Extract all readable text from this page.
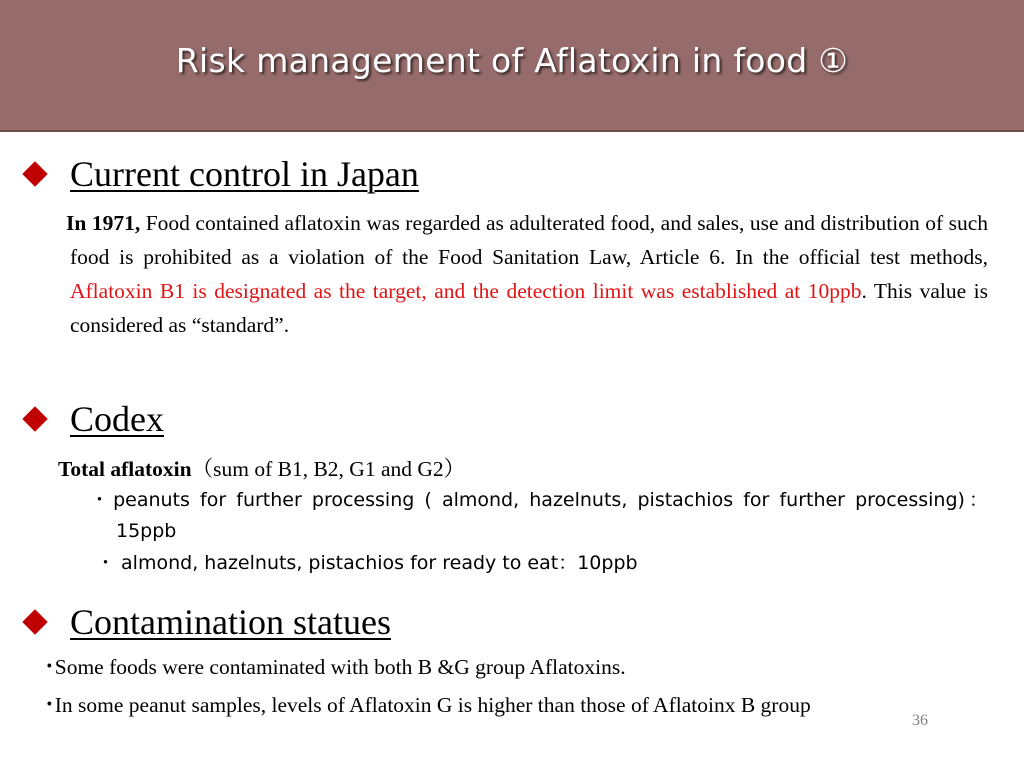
Risk management of Aflatoxin in food ①
Current control in Japan
In 1971, Food contained aflatoxin was regarded as adulterated food, and sales, use and distribution of such food is prohibited as a violation of the Food Sanitation Law, Article 6. In the official test methods, Aflatoxin B1 is designated as the target, and the detection limit was established at 10ppb. This value is considered as “standard”.
Codex
Total aflatoxin（sum of B1, B2, G1 and G2）
・peanuts for further processing ( almond, hazelnuts, pistachios for further processing)：15ppb
・ almond, hazelnuts, pistachios for ready to eat：10ppb
Contamination statues
･Some foods were contaminated with both B &G group Aflatoxins.
･In some peanut samples, levels of Aflatoxin G is higher than those of Aflatoinx B group
36
